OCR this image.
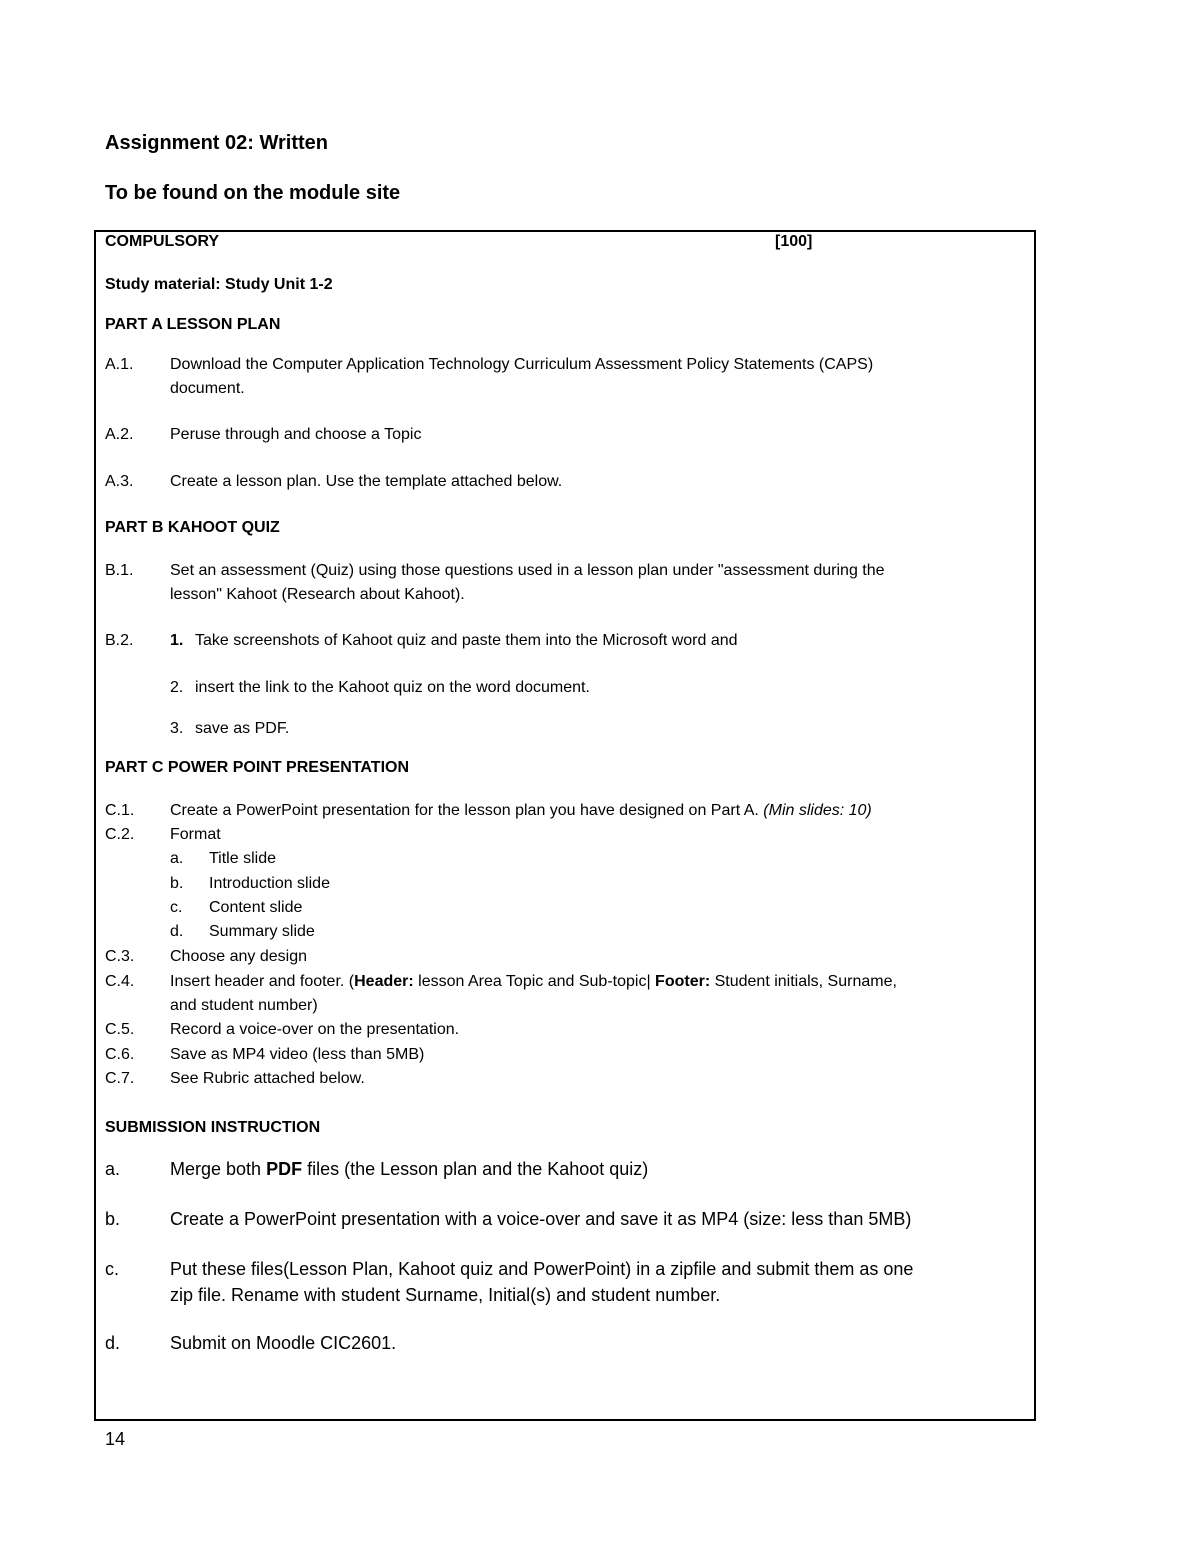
Assignment 02: Written
To be found on the module site
COMPULSORY	[100]
Study material: Study Unit 1-2
PART A LESSON PLAN
A.1. Download the Computer Application Technology Curriculum Assessment Policy Statements (CAPS)
document.
A.2. Peruse through and choose a Topic
A.3. Create a lesson plan. Use the template attached below.
PART B KAHOOT QUIZ
B.1. Set an assessment (Quiz) using those questions used in a lesson plan under "assessment during the
lesson" Kahoot (Research about Kahoot).
B.2. 1. Take screenshots of Kahoot quiz and paste them into the Microsoft word and
2. insert the link to the Kahoot quiz on the word document.
3. save as PDF.
PART C POWER POINT PRESENTATION
C.1. Create a PowerPoint presentation for the lesson plan you have designed on Part A. (Min slides: 10)
C.2. Format
a. Title slide
b. Introduction slide
c. Content slide
d. Summary slide
C.3. Choose any design
C.4. Insert header and footer. (Header: lesson Area Topic and Sub-topic| Footer: Student initials, Surname,
and student number)
C.5. Record a voice-over on the presentation.
C.6. Save as MP4 video (less than 5MB)
C.7. See Rubric attached below.
SUBMISSION INSTRUCTION
a.	Merge both PDF files (the Lesson plan and the Kahoot quiz)
b.	Create a PowerPoint presentation with a voice-over and save it as MP4 (size: less than 5MB)
c.	Put these files(Lesson Plan, Kahoot quiz and PowerPoint) in a zipfile and submit them as one
zip file. Rename with student Surname, Initial(s) and student number.
d.	Submit on Moodle CIC2601.
14
